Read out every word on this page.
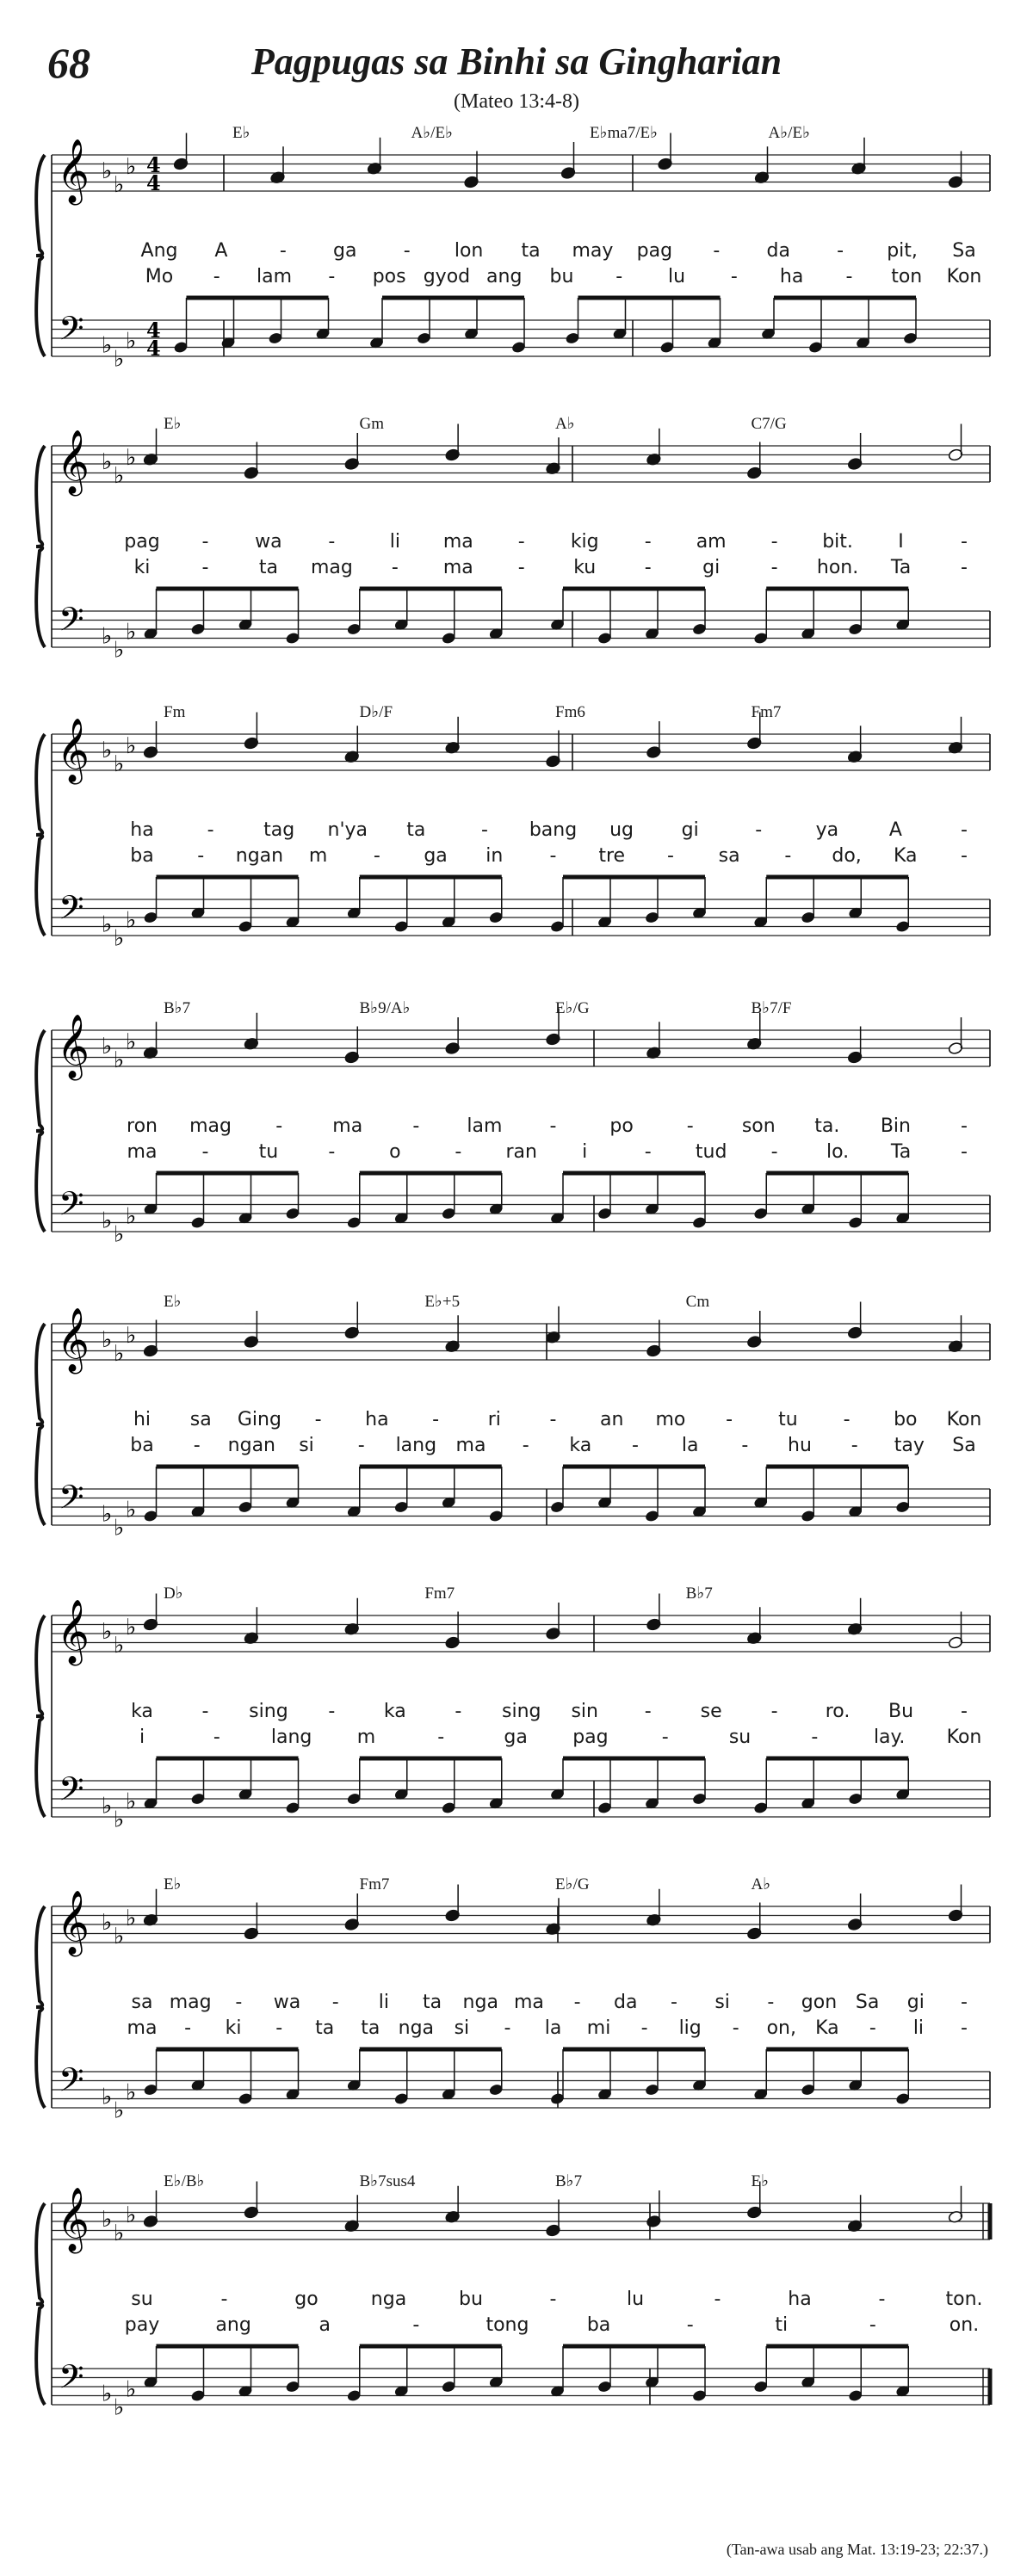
68	Pagpugas sa Binhi sa Gingharian
(Mateo 13:4-8)
𝄞
𝄢
♭
♭
♭
♭
♭
♭
4
4
4
4
E♭	A♭/E♭	E♭ma7/E♭	A♭/E♭
Ang A	- ga - lon ta may pag - da - pit, Sa
Mo - lam - pos gyod ang bu - lu - ha - ton Kon
𝄞
𝄢
♭
♭
♭
♭
♭
♭
E♭	Gm	A♭	C7/G
pag - wa -	li ma - kig - am - bit. I	-
ki	-	ta mag - ma -	ku	-	gi	- hon. Ta	-
𝄞
𝄢
♭
♭
♭
♭
♭
♭
Fm	D♭/F	Fm6	Fm7
ha	-	tag n'ya ta	- bang ug	gi	-	ya	A	-
ba - ngan m - ga in - tre - sa - do, Ka -
𝄞
𝄢
♭
♭
♭
♭
♭
♭
B♭7	B♭9/A♭	E♭/G	B♭7/F
ron mag -	ma	-	lam	-	po	-	son ta. Bin	-
ma -	tu	-	o	- ran i	- tud -	lo. Ta	-
𝄞
𝄢
♭
♭
♭
♭
♭
♭
E♭	E♭+5	Cm
hi sa Ging - ha -	ri	- an mo - tu - bo Kon
ba - ngan si - lang ma - ka - la - hu - tay Sa
𝄞
𝄢
♭
♭
♭
♭
♭
♭
D♭	Fm7	B♭7
ka	- sing -	ka	- sing sin -	se	-	ro. Bu -
i	-	lang m	-	ga pag	-	su	-	lay. Kon
𝄞
𝄢
♭
♭
♭
♭
♭
♭
E♭	Fm7	E♭/G	A♭
sa mag - wa - li ta nga ma - da - si - gon Sa gi -
ma - ki - ta ta nga si - la mi - lig - on, Ka - li -
𝄞
𝄢
♭
♭
♭
♭
♭
♭
E♭/B♭	B♭7sus4	B♭7	E♭
su	-	go	nga	bu	-	lu	-	ha	-	ton.
pay	ang	a	-	tong	ba	-	ti	-	on.
(Tan-awa usab ang Mat. 13:19-23; 22:37.)
